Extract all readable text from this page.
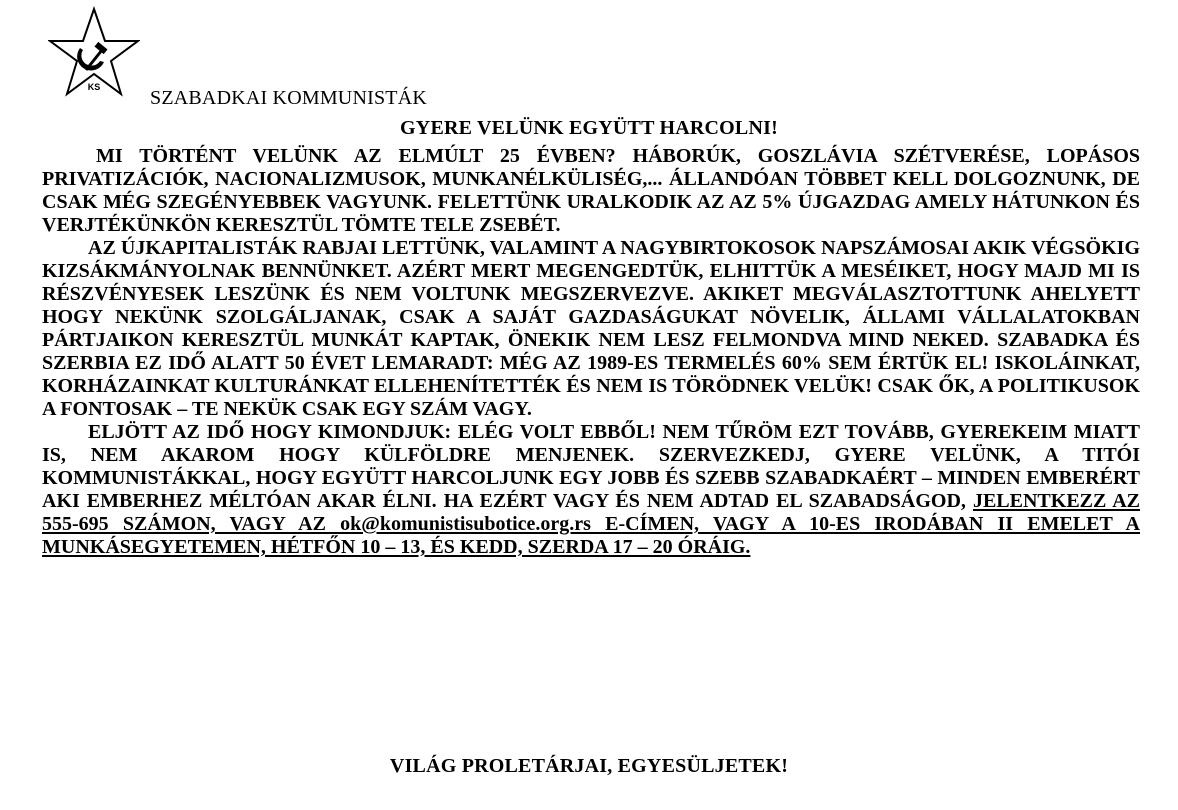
KS SZABADKAI KOMMUNISTÁK
GYERE VELÜNK EGYÜTT HARCOLNI!

MI TÖRTÉNT VELÜNK AZ ELMÚLT 25 ÉVBEN? HÁBORÚK, GOSZLÁVIA SZÉTVERÉSE, LOPÁSOS PRIVATIZÁCIÓK, NACIONALIZMUSOK, MUNKANÉLKÜLISÉG,... ÁLLANDÓAN TÖBBET KELL DOLGOZNUNK, DE CSAK MÉG SZEGÉNYEBBEK VAGYUNK. FELETTÜNK URALKODIK AZ AZ 5% ÚJGAZDAG AMELY HÁTUNKON ÉS VERJTÉKÜNKÖN KERESZTÜL TÖMTE TELE ZSEBÉT.

AZ ÚJKAPITALISTÁK RABJAI LETTÜNK, VALAMINT A NAGYBIRTOKOSOK NAPSZÁMOSAI AKIK VÉGSÖKIG KIZSÁKMÁNYOLNAK BENNÜNKET. AZÉRT MERT MEGENGEDTÜK, ELHITTÜK A MESÉIKET, HOGY MAJD MI IS RÉSZVÉNYESEK LESZÜNK ÉS NEM VOLTUNK MEGSZERVEZVE. AKIKET MEGVÁLASZTOTTUNK AHELYETT HOGY NEKÜNK SZOLGÁLJANAK, CSAK A SAJÁT GAZDASÁGUKAT NÖVELIK, ÁLLAMI VÁLLALATOKBAN PÁRTJAIKON KERESZTÜL MUNKÁT KAPTAK, ÖNEKIK NEM LESZ FELMONDVA MIND NEKED. SZABADKA ÉS SZERBIA EZ IDŐ ALATT 50 ÉVET LEMARADT: MÉG AZ 1989-ES TERMELÉS 60% SEM ÉRTÜK EL! ISKOLÁINKAT, KORHÁZAINKAT KULTURÁNKAT ELLEHENÍTETTÉK ÉS NEM IS TÖRÖDNEK VELÜK! CSAK ŐK, A POLITIKUSOK A FONTOSAK – TE NEKÜK CSAK EGY SZÁM VAGY.

ELJÖTT AZ IDŐ HOGY KIMONDJUK: ELÉG VOLT EBBŐL! NEM TŰRÖM EZT TOVÁBB, GYEREKEIM MIATT IS, NEM AKAROM HOGY KÜLFÖLDRE MENJENEK. SZERVEZKEDJ, GYERE VELÜNK, A TITÓI KOMMUNISTÁKKAL, HOGY EGYÜTT HARCOLJUNK EGY JOBB ÉS SZEBB SZABADKAÉRT – MINDEN EMBERÉRT AKI EMBERHEZ MÉLTÓAN AKAR ÉLNI. HA EZÉRT VAGY ÉS NEM ADTAD EL SZABADSÁGOD, JELENTKEZZ AZ 555-695 SZÁMON, VAGY AZ ok@komunistisubotice.org.rs E-CÍMEN, VAGY A 10-ES IRODÁBAN II EMELET A MUNKÁSEGYETEMEN, HÉTFŐN 10 – 13, ÉS KEDD, SZERDA 17 – 20 ÓRÁIG.

VILÁG PROLETÁRJAI, EGYESÜLJETEK!
